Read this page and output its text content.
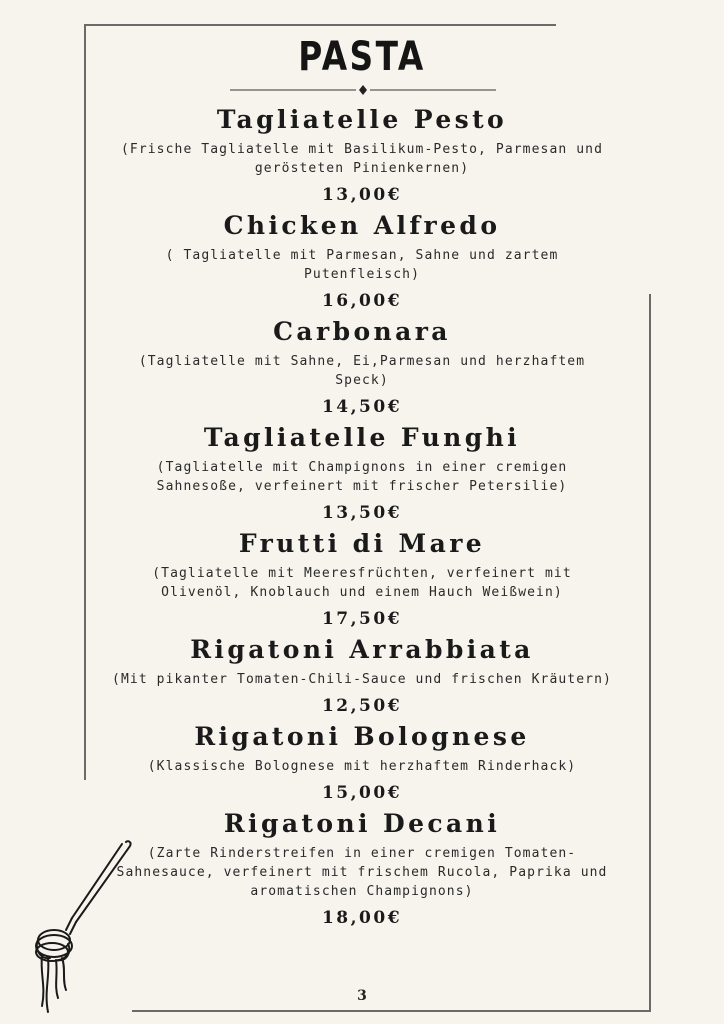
PASTA
Tagliatelle Pesto
(Frische Tagliatelle mit Basilikum-Pesto, Parmesan und gerösteten Pinienkernen)
13,00€
Chicken Alfredo
( Tagliatelle mit Parmesan, Sahne und zartem Putenfleisch)
16,00€
Carbonara
(Tagliatelle mit Sahne, Ei,Parmesan und herzhaftem Speck)
14,50€
Tagliatelle Funghi
(Tagliatelle mit Champignons in einer cremigen Sahnesoße, verfeinert mit frischer Petersilie)
13,50€
Frutti di Mare
(Tagliatelle mit Meeresfrüchten, verfeinert mit Olivenöl, Knoblauch und einem Hauch Weißwein)
17,50€
Rigatoni Arrabbiata
(Mit pikanter Tomaten-Chili-Sauce und frischen Kräutern)
12,50€
Rigatoni Bolognese
(Klassische Bolognese mit herzhaftem Rinderhack)
15,00€
Rigatoni Decani
(Zarte Rinderstreifen in einer cremigen Tomaten-Sahnesauce, verfeinert mit frischem Rucola, Paprika und aromatischen Champignons)
18,00€
3
